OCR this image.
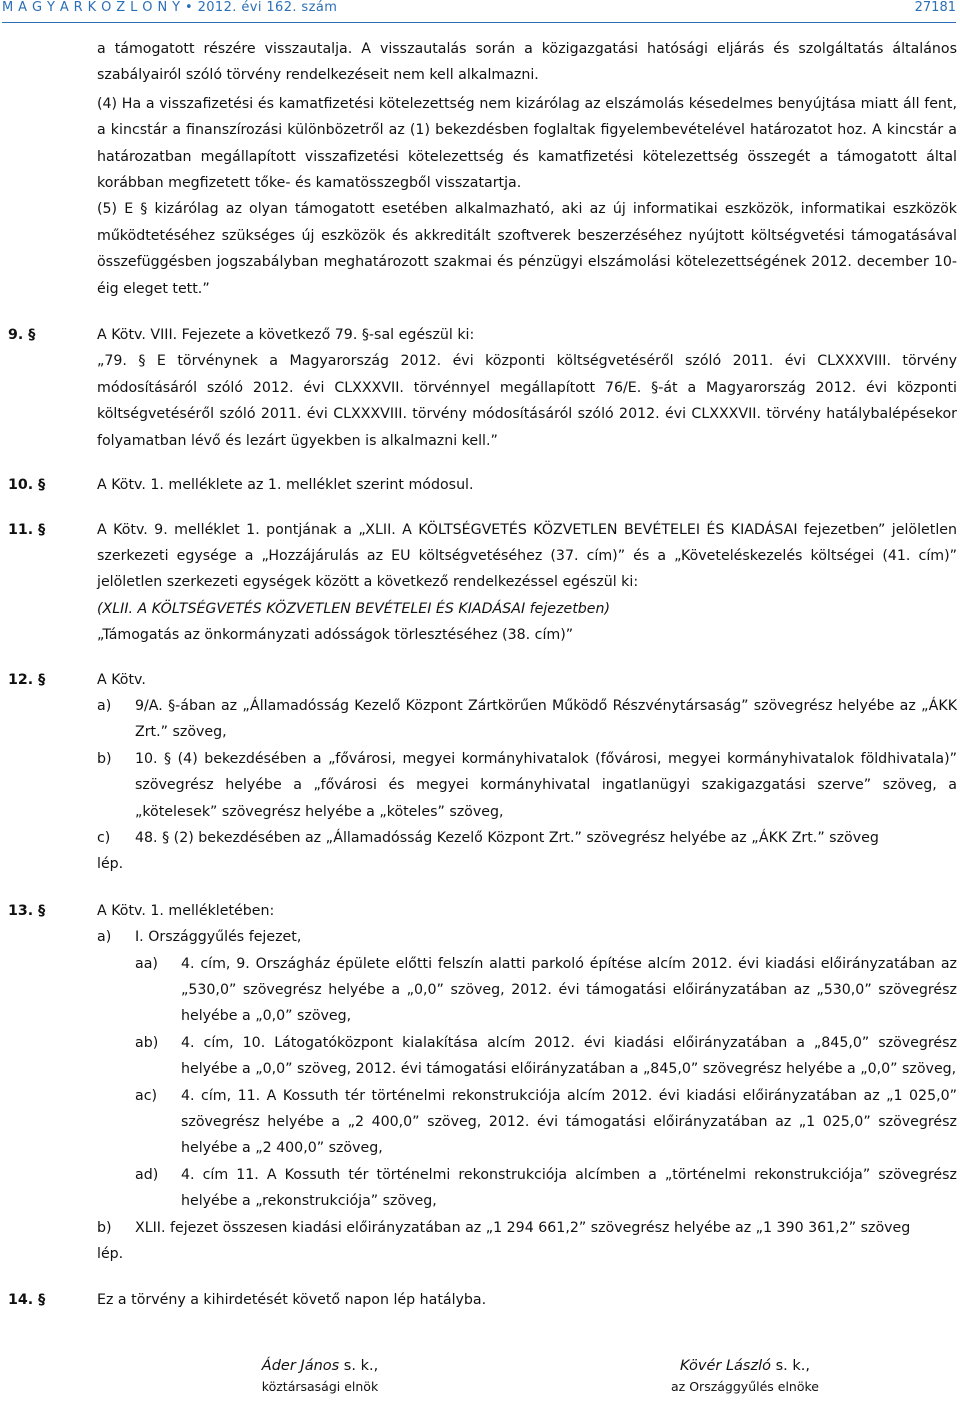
M A G Y A R K Ö Z L Ö N Y • 2012. évi 162. szám	27181

a támogatott részére visszautalja. A visszautalás során a közigazgatási hatósági eljárás és szolgáltatás általános szabályairól szóló törvény rendelkezéseit nem kell alkalmazni.

(4) Ha a visszafizetési és kamatfizetési kötelezettség nem kizárólag az elszámolás késedelmes benyújtása miatt áll fent, a kincstár a finanszírozási különbözetről az (1) bekezdésben foglaltak figyelembevételével határozatot hoz. A kincstár a határozatban megállapított visszafizetési kötelezettség és kamatfizetési kötelezettség összegét a támogatott által korábban megfizetett tőke- és kamatösszegből visszatartja.

(5) E § kizárólag az olyan támogatott esetében alkalmazható, aki az új informatikai eszközök, informatikai eszközök működtetéséhez szükséges új eszközök és akkreditált szoftverek beszerzéséhez nyújtott költségvetési támogatásával összefüggésben jogszabályban meghatározott szakmai és pénzügyi elszámolási kötelezettségének 2012. december 10-éig eleget tett.”

9. §	A Kötv. VIII. Fejezete a következő 79. §-sal egészül ki:

„79. § E törvénynek a Magyarország 2012. évi központi költségvetéséről szóló 2011. évi CLXXXVIII. törvény módosításáról szóló 2012. évi CLXXXVII. törvénnyel megállapított 76/E. §-át a Magyarország 2012. évi központi költségvetéséről szóló 2011. évi CLXXXVIII. törvény módosításáról szóló 2012. évi CLXXXVII. törvény hatálybalépésekor folyamatban lévő és lezárt ügyekben is alkalmazni kell.”

10. §	A Kötv. 1. melléklete az 1. melléklet szerint módosul.

11. §	A Kötv. 9. melléklet 1. pontjának a „XLII. A KÖLTSÉGVETÉS KÖZVETLEN BEVÉTELEI ÉS KIADÁSAI fejezetben” jelöletlen szerkezeti egysége a „Hozzájárulás az EU költségvetéséhez (37. cím)” és a „Követeléskezelés költségei (41. cím)” jelöletlen szerkezeti egységek között a következő rendelkezéssel egészül ki:

(XLII. A KÖLTSÉGVETÉS KÖZVETLEN BEVÉTELEI ÉS KIADÁSAI fejezetben)

„Támogatás az önkormányzati adósságok törlesztéséhez (38. cím)”

12. §	A Kötv.

a) 9/A. §-ában az „Államadósság Kezelő Központ Zártkörűen Működő Részvénytársaság” szövegrész helyébe az „ÁKK Zrt.” szöveg,

b) 10. § (4) bekezdésében a „fővárosi, megyei kormányhivatalok (fővárosi, megyei kormányhivatalok földhivatala)” szövegrész helyébe a „fővárosi és megyei kormányhivatal ingatlanügyi szakigazgatási szerve” szöveg, a „kötelesek” szövegrész helyébe a „köteles” szöveg,

c) 48. § (2) bekezdésében az „Államadósság Kezelő Központ Zrt.” szövegrész helyébe az „ÁKK Zrt.” szöveg

lép.

13. §	A Kötv. 1. mellékletében:

a) I. Országgyűlés fejezet,

aa) 4. cím, 9. Országház épülete előtti felszín alatti parkoló építése alcím 2012. évi kiadási előirányzatában az „530,0” szövegrész helyébe a „0,0” szöveg, 2012. évi támogatási előirányzatában az „530,0” szövegrész helyébe a „0,0” szöveg,

ab) 4. cím, 10. Látogatóközpont kialakítása alcím 2012. évi kiadási előirányzatában a „845,0” szövegrész helyébe a „0,0” szöveg, 2012. évi támogatási előirányzatában a „845,0” szövegrész helyébe a „0,0” szöveg,

ac) 4. cím, 11. A Kossuth tér történelmi rekonstrukciója alcím 2012. évi kiadási előirányzatában az „1 025,0” szövegrész helyébe a „2 400,0” szöveg, 2012. évi támogatási előirányzatában az „1 025,0” szövegrész helyébe a „2 400,0” szöveg,

ad) 4. cím 11. A Kossuth tér történelmi rekonstrukciója alcímben a „történelmi rekonstrukciója” szövegrész helyébe a „rekonstrukciója” szöveg,

b) XLII. fejezet összesen kiadási előirányzatában az „1 294 661,2” szövegrész helyébe az „1 390 361,2” szöveg

lép.

14. §	Ez a törvény a kihirdetését követő napon lép hatályba.

Áder János s. k.,
köztársasági elnök
Kövér László s. k.,
az Országgyűlés elnöke
